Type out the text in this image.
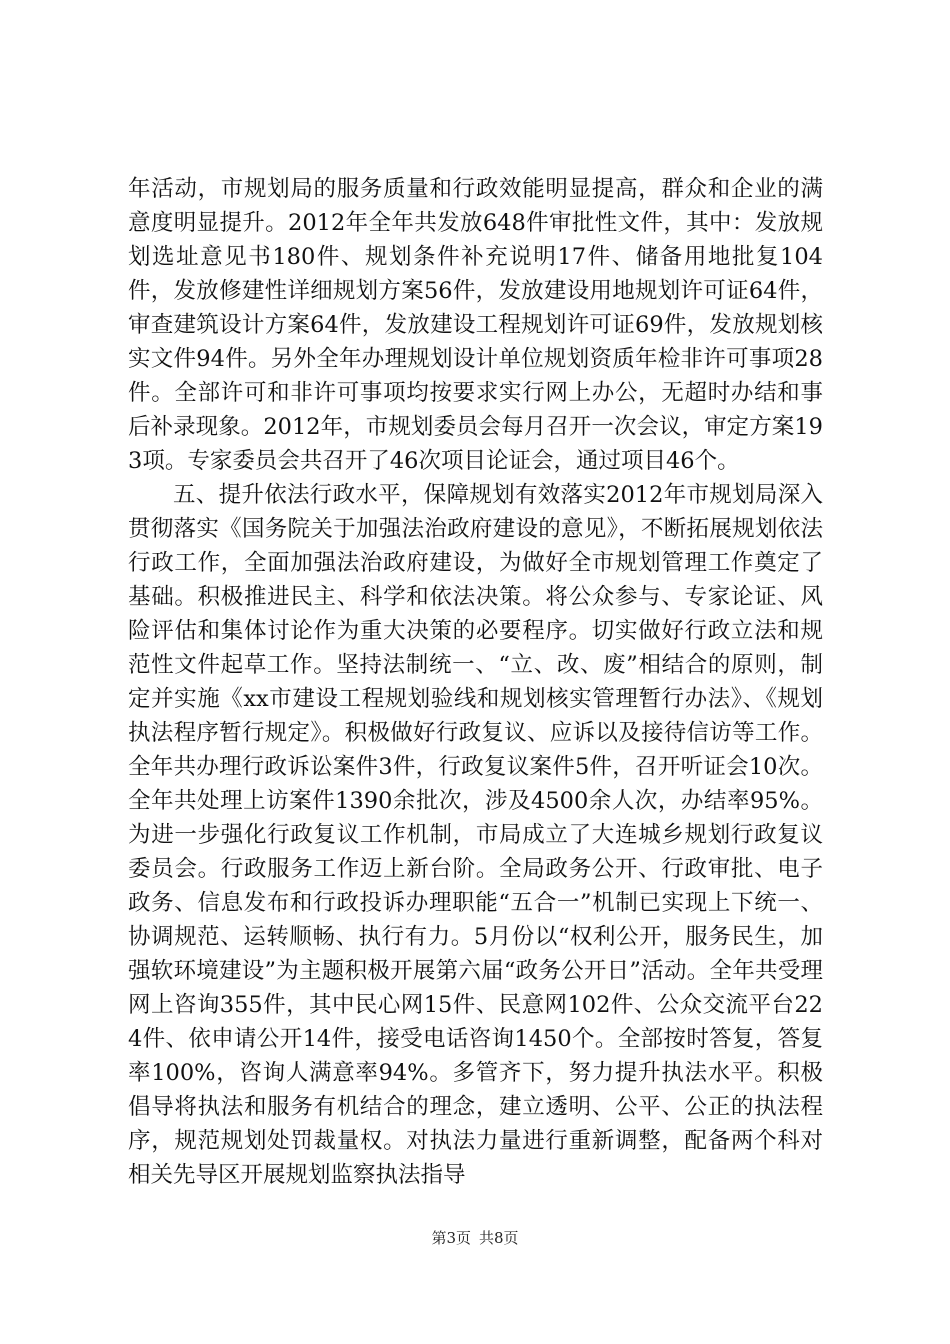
年活动，市规划局的服务质量和行政效能明显提高，群众和企业的满意度明显提升。2012年全年共发放648件审批性文件，其中：发放规划选址意见书180件、规划条件补充说明17件、储备用地批复104件，发放修建性详细规划方案56件，发放建设用地规划许可证64件，审查建筑设计方案64件，发放建设工程规划许可证69件，发放规划核实文件94件。另外全年办理规划设计单位规划资质年检非许可事项28件。全部许可和非许可事项均按要求实行网上办公，无超时办结和事后补录现象。2012年，市规划委员会每月召开一次会议，审定方案193项。专家委员会共召开了46次项目论证会，通过项目46个。

五、提升依法行政水平，保障规划有效落实2012年市规划局深入贯彻落实《国务院关于加强法治政府建设的意见》，不断拓展规划依法行政工作，全面加强法治政府建设，为做好全市规划管理工作奠定了基础。积极推进民主、科学和依法决策。将公众参与、专家论证、风险评估和集体讨论作为重大决策的必要程序。切实做好行政立法和规范性文件起草工作。坚持法制统一、“立、改、废”相结合的原则，制定并实施《xx市建设工程规划验线和规划核实管理暂行办法》、《规划执法程序暂行规定》。积极做好行政复议、应诉以及接待信访等工作。全年共办理行政诉讼案件3件，行政复议案件5件，召开听证会10次。全年共处理上访案件1390余批次，涉及4500余人次，办结率95%。为进一步强化行政复议工作机制，市局成立了大连城乡规划行政复议委员会。行政服务工作迈上新台阶。全局政务公开、行政审批、电子政务、信息发布和行政投诉办理职能“五合一”机制已实现上下统一、协调规范、运转顺畅、执行有力。5月份以“权利公开，服务民生，加强软环境建设”为主题积极开展第六届“政务公开日”活动。全年共受理网上咨询355件，其中民心网15件、民意网102件、公众交流平台224件、依申请公开14件，接受电话咨询1450个。全部按时答复，答复率100%，咨询人满意率94%。多管齐下，努力提升执法水平。积极倡导将执法和服务有机结合的理念，建立透明、公平、公正的执法程序，规范规划处罚裁量权。对执法力量进行重新调整，配备两个科对相关先导区开展规划监察执法指导

第3页 共8页
